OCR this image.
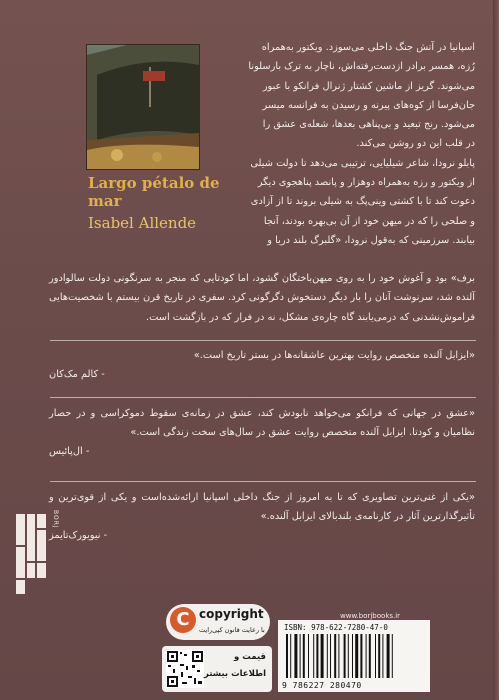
Largo pétalo de mar
Isabel Allende

اسپانیا در آتش جنگ داخلی می‌سوزد. ویکتور به‌همراه

رُزه، همسر برادر ازدست‌رفته‌اش، ناچار به ترک بارسلونا

می‌شوند. گریز از ماشین کشتار ژنرال فرانکو با عبور

جان‌فرسا از کوه‌های پیرنه و رسیدن به فرانسه میسر

می‌شود. رنج تبعید و بی‌پناهی بعدها، شعله‌ی عشق را

در قلب این دو روشن می‌کند.

پابلو نرودا، شاعر شیلیایی، ترتیبی می‌دهد تا دولت شیلی

از ویکتور و رزه به‌همراه دوهزار و پانصد پناهجوی دیگر

دعوت کند تا با کشتی وینی‌پگ به شیلی بروند تا از آزادی

و صلحی را که در میهن خود از آن بی‌بهره بودند، آنجا

بیابند. سرزمینی که به‌قول نرودا، «گلبرگ بلند دریا و

برف» بود و آغوش خود را به روی میهن‌باختگان گشود، اما کودتایی که منجر به سرنگونی دولت سالوادور آلنده شد، سرنوشت آنان را بار دیگر دستخوش دگرگونی کرد. سفری در تاریخ قرن بیستم با شخصیت‌هایی فراموش‌نشدنی که درمی‌یابند گاه چاره‌ی مشکل، نه در فرار که در بازگشت است.

«ایزابل آلنده متخصص روایت بهترین عاشقانه‌ها در بستر تاریخ است.»
- کالم مک‌کان
«عشق در جهانی که فرانکو می‌خواهد نابودش کند، عشق در زمانه‌ی سقوط دموکراسی و در حصار نظامیان و کودتا. ایزابل آلنده متخصص روایت عشق در سال‌های سخت زندگی است.»
- ال‌پائیس
«یکی از غنی‌ترین تصاویری که تا به امروز از جنگ داخلی اسپانیا ارائه‌شده‌است و یکی از قوی‌ترین و تأثیرگذارترین آثار در کارنامه‌ی بلندبالای ایزابل آلنده.»
- نیویورک‌تایمز
BORJ
www.borjbooks.ir
C copyright
با رعایت قانون کپی‌رایت
قیمت و
اطلاعات بیشتر
ISBN: 978-622-7280-47-0
9 786227 280470
